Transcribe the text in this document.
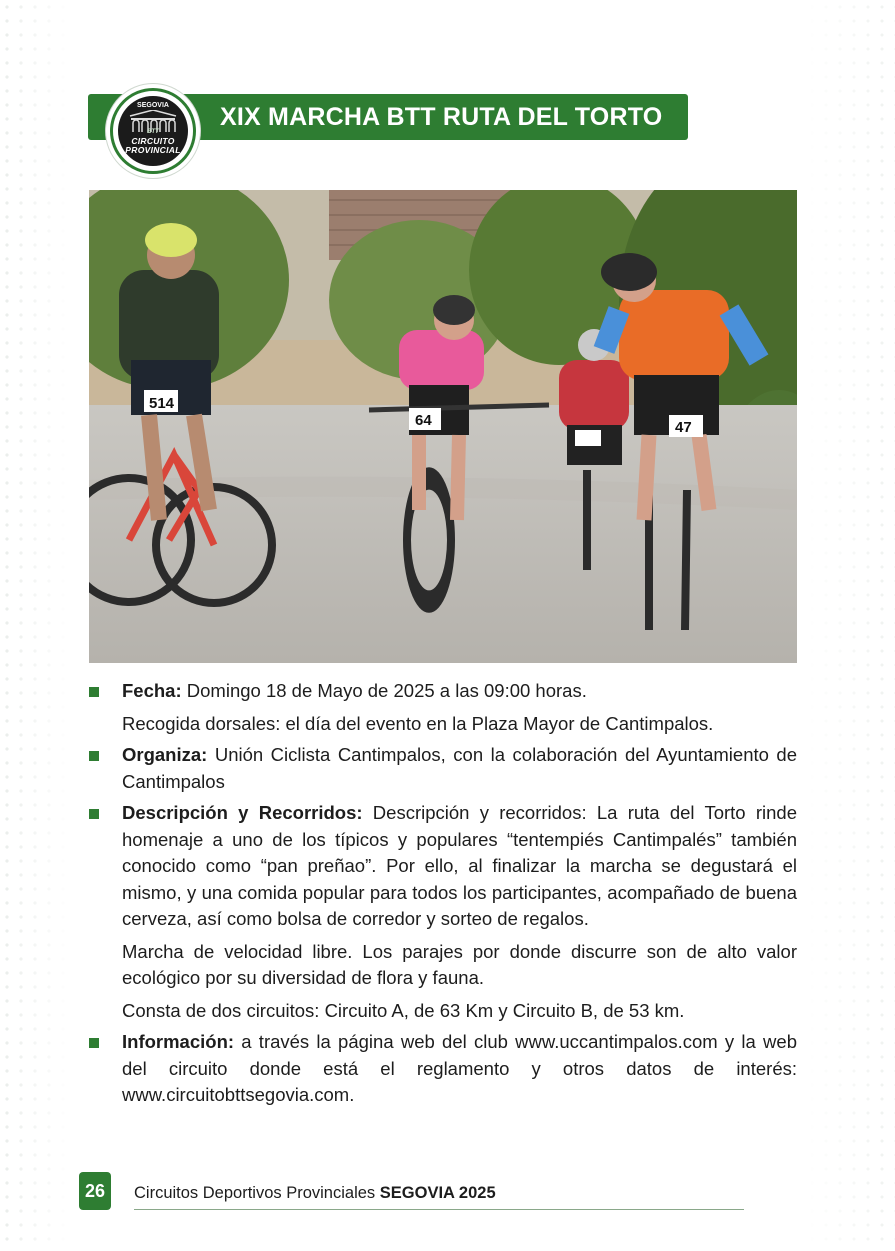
XIX MARCHA BTT RUTA DEL TORTO
SEGOVIA
BTT
CIRCUITO
PROVINCIAL
514
64	47

Fecha: Domingo 18 de Mayo de 2025 a las 09:00 horas.

Recogida dorsales: el día del evento en la Plaza Mayor de Cantimpalos.

Organiza: Unión Ciclista Cantimpalos, con la colaboración del Ayuntamiento de Cantimpalos

Descripción y Recorridos: Descripción y recorridos: La ruta del Torto rinde homenaje a uno de los típicos y populares “tentempiés Cantimpalés” también conocido como “pan preñao”. Por ello, al finalizar la marcha se degustará el mismo, y una comida popular para todos los participantes, acompañado de buena cerveza, así como bolsa de corredor y sorteo de regalos.

Marcha de velocidad libre. Los parajes por donde discurre son de alto valor ecológico por su diversidad de flora y fauna.

Consta de dos circuitos: Circuito A, de 63 Km y Circuito B, de 53 km.

Información: a través la página web del club www.uccantimpalos.com y la web del circuito donde está el reglamento y otros datos de interés: www.circuitobttsegovia.com.

26	Circuitos Deportivos Provinciales SEGOVIA 2025
